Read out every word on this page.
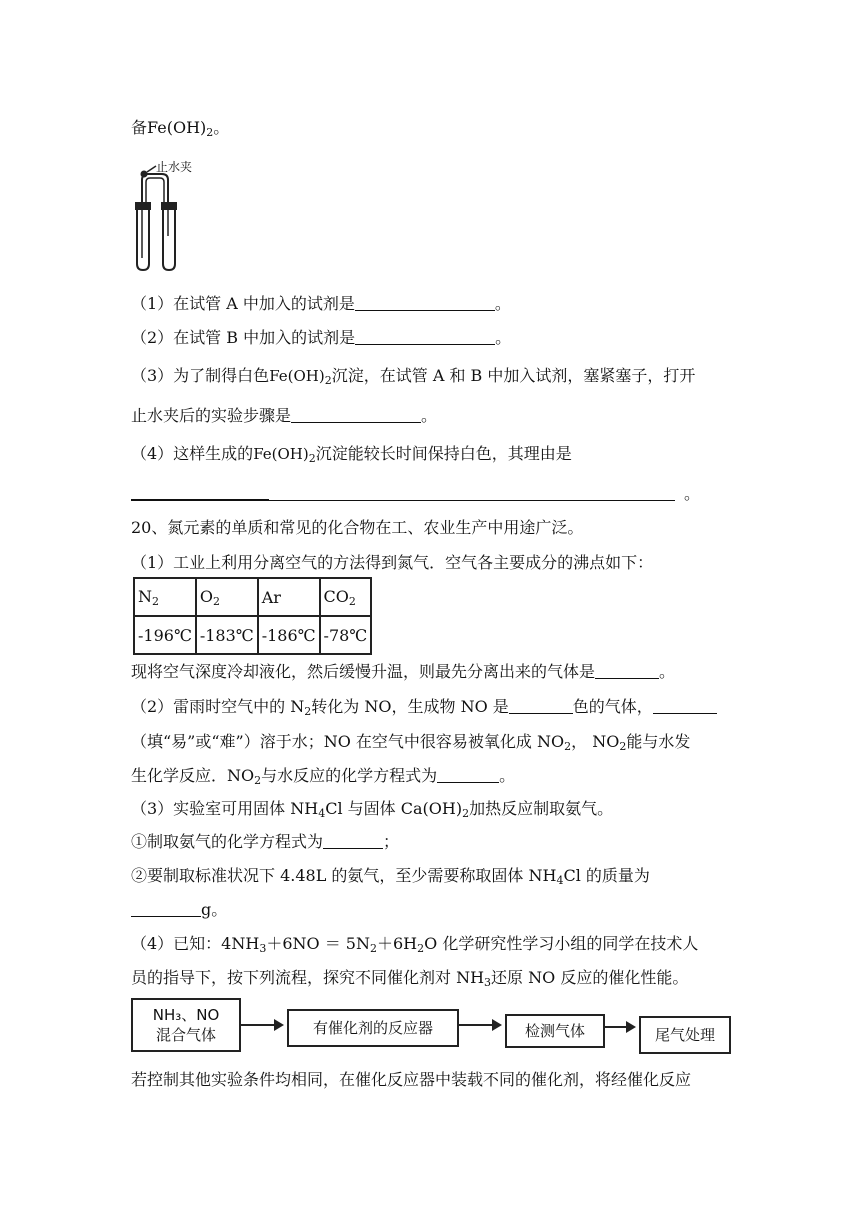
备Fe(OH)2。
止水夹
（1）在试管 A 中加入的试剂是	。
（2）在试管 B 中加入的试剂是	。
（3）为了制得白色Fe(OH)2沉淀，在试管 A 和 B 中加入试剂，塞紧塞子，打开
止水夹后的实验步骤是	。
（4）这样生成的Fe(OH)2沉淀能较长时间保持白色，其理由是
。
20、氮元素的单质和常见的化合物在工、农业生产中用途广泛。
（1）工业上利用分离空气的方法得到氮气．空气各主要成分的沸点如下：
N2	O2	Ar	CO2
-196℃	-183℃	-186℃	-78℃
现将空气深度冷却液化，然后缓慢升温，则最先分离出来的气体是	。
（2）雷雨时空气中的 N2转化为 NO，生成物 NO 是	色的气体，
（填“易”或“难”）溶于水；NO 在空气中很容易被氧化成 NO2， NO2能与水发
生化学反应．NO2与水反应的化学方程式为	。
（3）实验室可用固体 NH4Cl 与固体 Ca(OH)2加热反应制取氨气。
①制取氨气的化学方程式为	；
②要制取标准状况下 4.48L 的氨气，至少需要称取固体 NH4Cl 的质量为
g。
（4）已知：4NH3＋6NO ＝ 5N2＋6H2O 化学研究性学习小组的同学在技术人
员的指导下，按下列流程，探究不同催化剂对 NH3还原 NO 反应的催化性能。
NH₃、NO
混合气体	有催化剂的反应器	检测气体	尾气处理
若控制其他实验条件均相同，在催化反应器中装载不同的催化剂，将经催化反应
